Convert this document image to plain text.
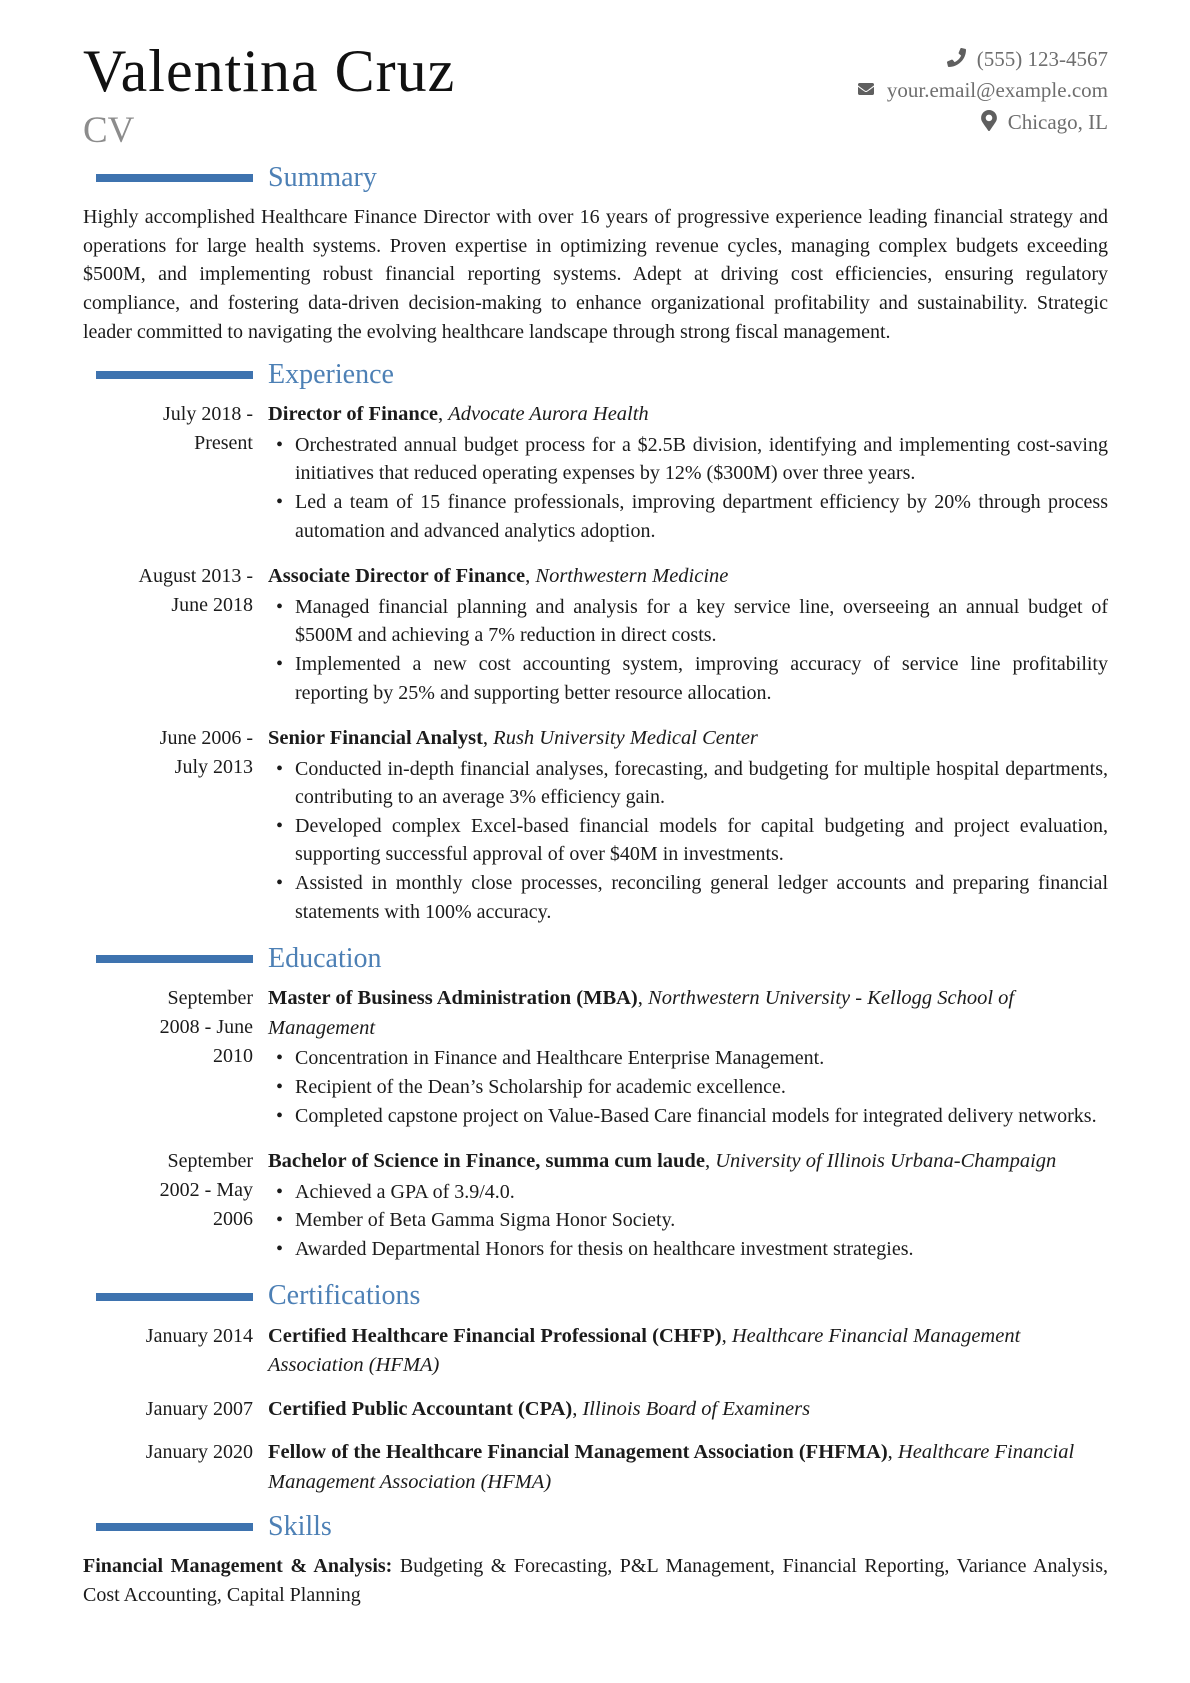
Valentina Cruz
CV
(555) 123-4567
your.email@example.com
Chicago, IL
Summary

Highly accomplished Healthcare Finance Director with over 16 years of progressive experience leading financial strategy and operations for large health systems. Proven expertise in optimizing revenue cycles, managing complex budgets exceeding $500M, and implementing robust financial reporting systems. Adept at driving cost efficiencies, ensuring regulatory compliance, and fostering data-driven decision-making to enhance organizational profitability and sustainability. Strategic leader committed to navigating the evolving healthcare landscape through strong fiscal management.

Experience
July 2018 - Present
Director of Finance, Advocate Aurora Health
• Orchestrated annual budget process for a $2.5B division, identifying and implementing cost-saving initiatives that reduced operating expenses by 12% ($300M) over three years.
• Led a team of 15 finance professionals, improving department efficiency by 20% through process automation and advanced analytics adoption.
August 2013 - June 2018
Associate Director of Finance, Northwestern Medicine
• Managed financial planning and analysis for a key service line, overseeing an annual budget of $500M and achieving a 7% reduction in direct costs.
• Implemented a new cost accounting system, improving accuracy of service line profitability reporting by 25% and supporting better resource allocation.
June 2006 - July 2013
Senior Financial Analyst, Rush University Medical Center
• Conducted in-depth financial analyses, forecasting, and budgeting for multiple hospital departments, contributing to an average 3% efficiency gain.
• Developed complex Excel-based financial models for capital budgeting and project evaluation, supporting successful approval of over $40M in investments.
• Assisted in monthly close processes, reconciling general ledger accounts and preparing financial statements with 100% accuracy.
Education
September 2008 - June 2010
Master of Business Administration (MBA), Northwestern University - Kellogg School of Management
• Concentration in Finance and Healthcare Enterprise Management.
• Recipient of the Dean’s Scholarship for academic excellence.
• Completed capstone project on Value-Based Care financial models for integrated delivery networks.
September 2002 - May 2006
Bachelor of Science in Finance, summa cum laude, University of Illinois Urbana-Champaign
• Achieved a GPA of 3.9/4.0.
• Member of Beta Gamma Sigma Honor Society.
• Awarded Departmental Honors for thesis on healthcare investment strategies.
Certifications
January 2014 Certified Healthcare Financial Professional (CHFP), Healthcare Financial Management Association (HFMA)
January 2007 Certified Public Accountant (CPA), Illinois Board of Examiners
January 2020 Fellow of the Healthcare Financial Management Association (FHFMA), Healthcare Financial Management Association (HFMA)
Skills

Financial Management & Analysis: Budgeting & Forecasting, P&L Management, Financial Reporting, Variance Analysis, Cost Accounting, Capital Planning
